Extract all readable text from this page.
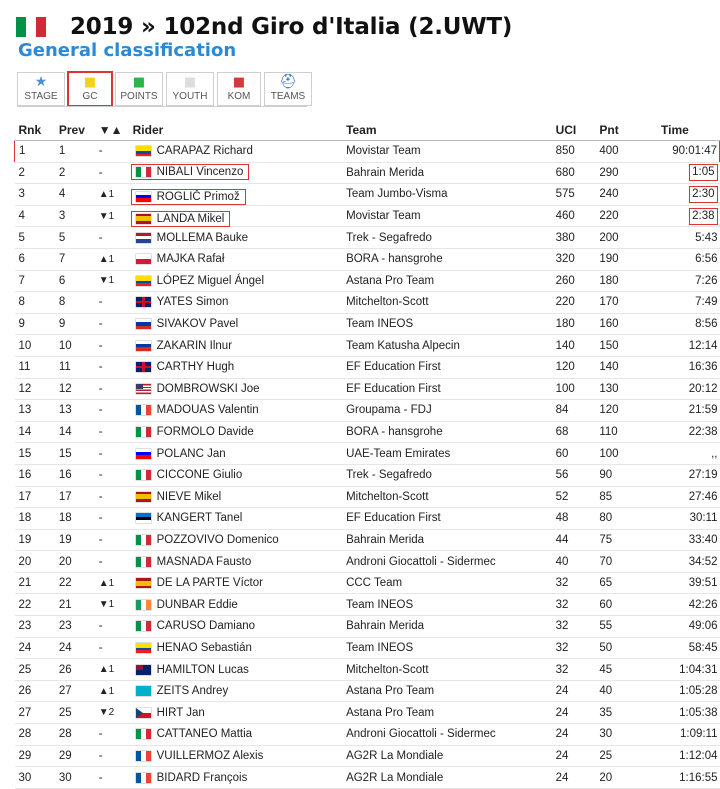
2019 » 102nd Giro d'Italia (2.UWT)
General classification
★
STAGE
■
GC
■
POINTS
■
YOUTH
■
KOM
⛑
TEAMS
Rnk	Prev	▼▲	Rider	Team	UCI	Pnt	Time
1	1	-	CARAPAZ Richard	Movistar Team	850	400	90:01:47
2	2	-	NIBALI Vincenzo	Bahrain Merida	680	290	1:05
3	4	▲1	ROGLIČ Primož	Team Jumbo-Visma	575	240	2:30
4	3	▼1	LANDA Mikel	Movistar Team	460	220	2:38
5	5	-	MOLLEMA Bauke	Trek - Segafredo	380	200	5:43
6	7	▲1	MAJKA Rafał	BORA - hansgrohe	320	190	6:56
7	6	▼1	LÓPEZ Miguel Ángel	Astana Pro Team	260	180	7:26
8	8	-	YATES Simon	Mitchelton-Scott	220	170	7:49
9	9	-	SIVAKOV Pavel	Team INEOS	180	160	8:56
10	10	-	ZAKARIN Ilnur	Team Katusha Alpecin	140	150	12:14
11	11	-	CARTHY Hugh	EF Education First	120	140	16:36
12	12	-	DOMBROWSKI Joe	EF Education First	100	130	20:12
13	13	-	MADOUAS Valentin	Groupama - FDJ	84	120	21:59
14	14	-	FORMOLO Davide	BORA - hansgrohe	68	110	22:38
15	15	-	POLANC Jan	UAE-Team Emirates	60	100	,,
16	16	-	CICCONE Giulio	Trek - Segafredo	56	90	27:19
17	17	-	NIEVE Mikel	Mitchelton-Scott	52	85	27:46
18	18	-	KANGERT Tanel	EF Education First	48	80	30:11
19	19	-	POZZOVIVO Domenico	Bahrain Merida	44	75	33:40
20	20	-	MASNADA Fausto	Androni Giocattoli - Sidermec	40	70	34:52
21	22	▲1	DE LA PARTE Víctor	CCC Team	32	65	39:51
22	21	▼1	DUNBAR Eddie	Team INEOS	32	60	42:26
23	23	-	CARUSO Damiano	Bahrain Merida	32	55	49:06
24	24	-	HENAO Sebastián	Team INEOS	32	50	58:45
25	26	▲1	HAMILTON Lucas	Mitchelton-Scott	32	45	1:04:31
26	27	▲1	ZEITS Andrey	Astana Pro Team	24	40	1:05:28
27	25	▼2	HIRT Jan	Astana Pro Team	24	35	1:05:38
28	28	-	CATTANEO Mattia	Androni Giocattoli - Sidermec	24	30	1:09:11
29	29	-	VUILLERMOZ Alexis	AG2R La Mondiale	24	25	1:12:04
30	30	-	BIDARD François	AG2R La Mondiale	24	20	1:16:55
